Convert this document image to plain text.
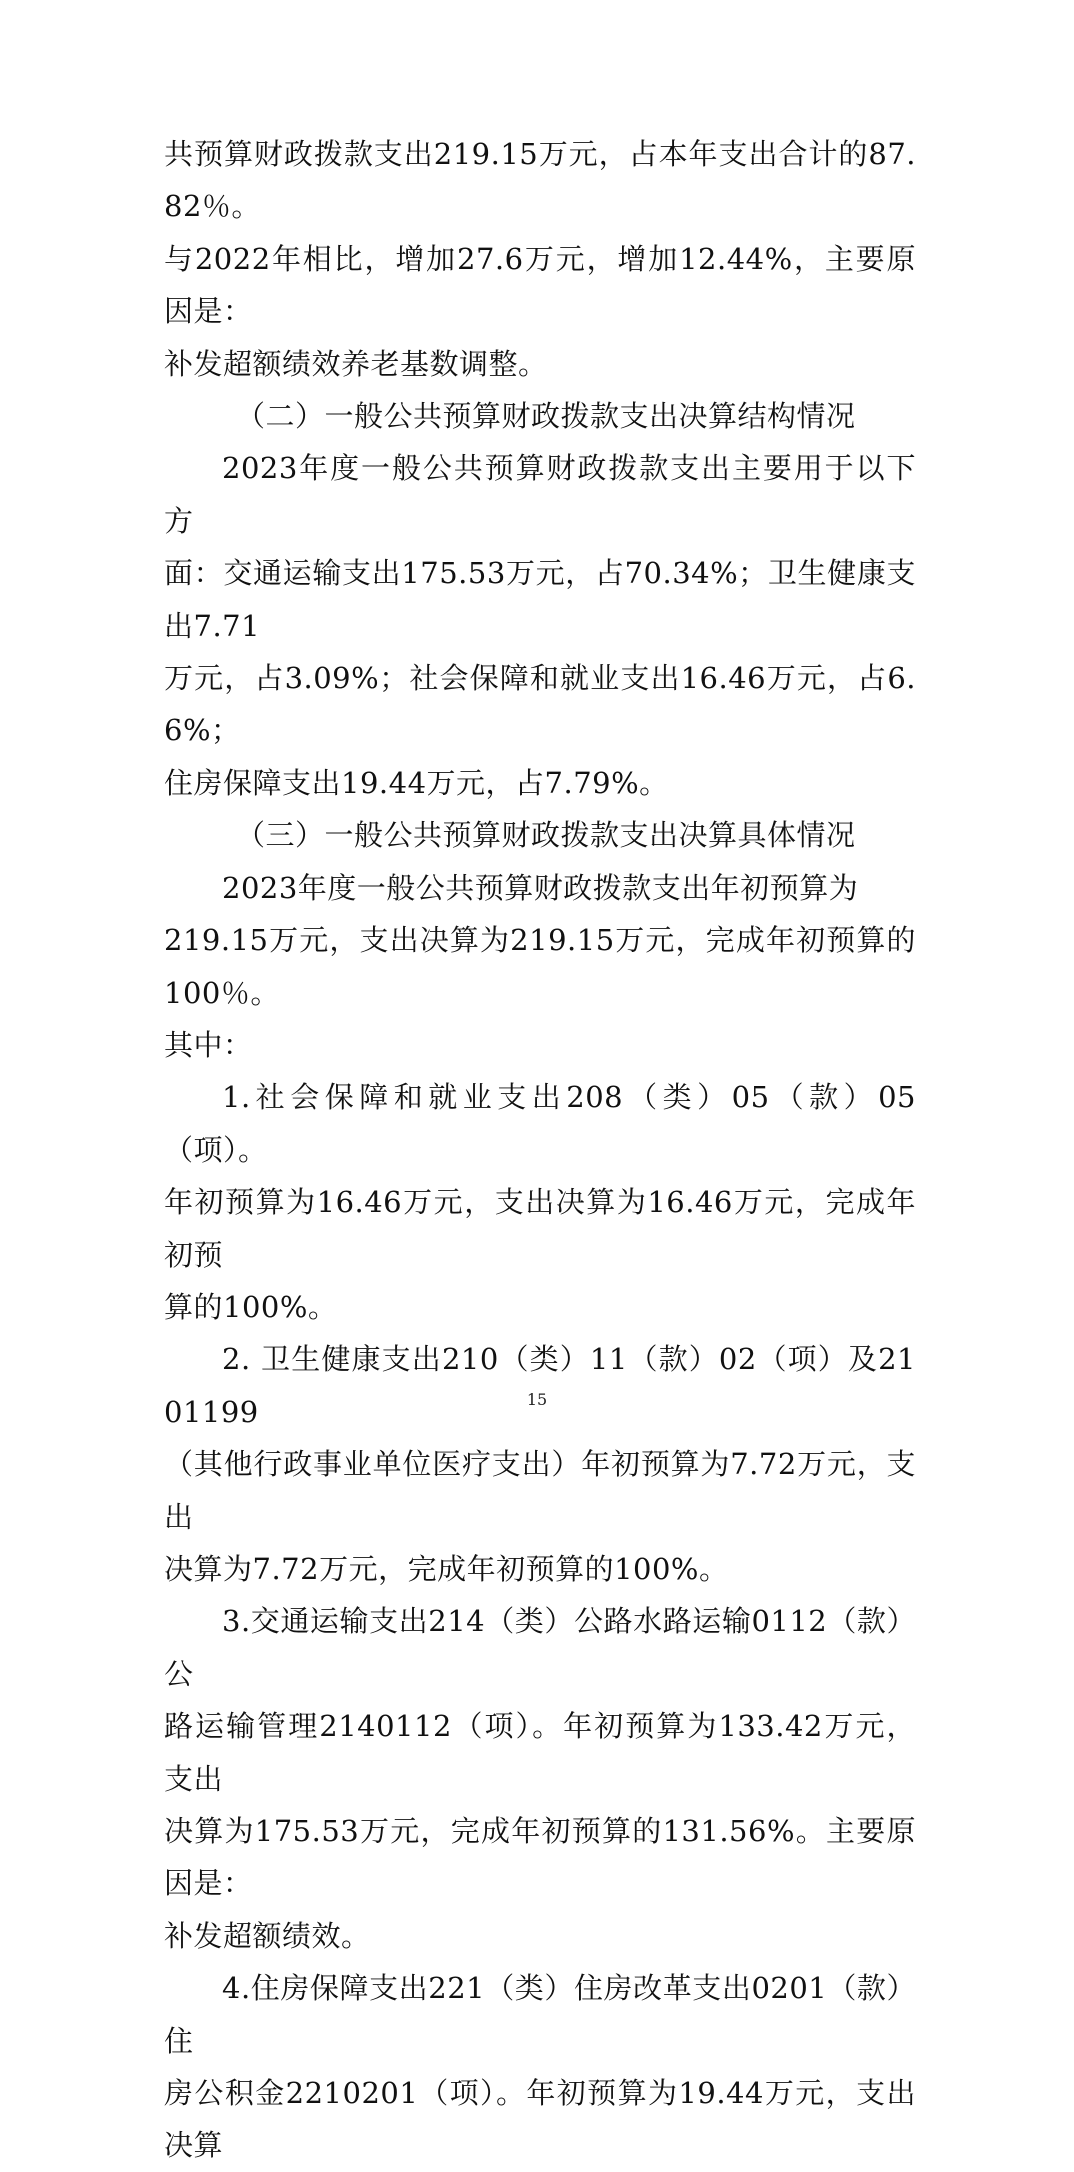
共预算财政拨款支出219.15万元，占本年支出合计的87.82％。
与2022年相比，增加27.6万元，增加12.44%，主要原因是：
补发超额绩效养老基数调整。

（二）一般公共预算财政拨款支出决算结构情况

2023年度一般公共预算财政拨款支出主要用于以下方
面：交通运输支出175.53万元，占70.34%；卫生健康支出7.71
万元，占3.09%；社会保障和就业支出16.46万元，占6.6%；
住房保障支出19.44万元，占7.79%。

（三）一般公共预算财政拨款支出决算具体情况

2023年度一般公共预算财政拨款支出年初预算为
219.15万元，支出决算为219.15万元，完成年初预算的100％。
其中：

1.社会保障和就业支出208（类）05（款）05（项）。
年初预算为16.46万元，支出决算为16.46万元，完成年初预
算的100%。

2. 卫生健康支出210（类）11（款）02（项）及2101199
（其他行政事业单位医疗支出）年初预算为7.72万元，支出
决算为7.72万元，完成年初预算的100%。

3.交通运输支出214（类）公路水路运输0112（款）公
路运输管理2140112（项）。年初预算为133.42万元，支出
决算为175.53万元，完成年初预算的131.56%。主要原因是：
补发超额绩效。

4.住房保障支出221（类）住房改革支出0201（款）住
房公积金2210201（项）。年初预算为19.44万元，支出决算

15
